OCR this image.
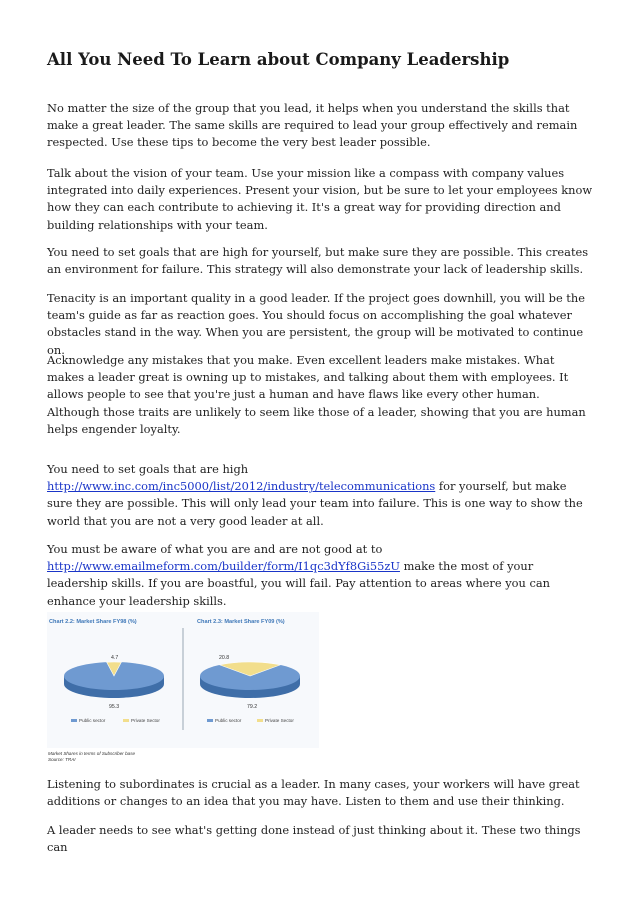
All You Need To Learn about Company Leadership

No matter the size of the group that you lead, it helps when you understand the skills that make a great leader. The same skills are required to lead your group effectively and remain respected. Use these tips to become the very best leader possible.

Talk about the vision of your team. Use your mission like a compass with company values integrated into daily experiences. Present your vision, but be sure to let your employees know how they can each contribute to achieving it. It's a great way for providing direction and building relationships with your team.

You need to set goals that are high for yourself, but make sure they are possible. This creates an environment for failure. This strategy will also demonstrate your lack of leadership skills.

Tenacity is an important quality in a good leader. If the project goes downhill, you will be the team's guide as far as reaction goes. You should focus on accomplishing the goal whatever obstacles stand in the way. When you are persistent, the group will be motivated to continue on.

Acknowledge any mistakes that you make. Even excellent leaders make mistakes. What makes a leader great is owning up to mistakes, and talking about them with employees. It allows people to see that you're just a human and have flaws like every other human. Although those traits are unlikely to seem like those of a leader, showing that you are human helps engender loyalty.

You need to set goals that are high http://www.inc.com/inc5000/list/2012/industry/telecommunications for yourself, but make sure they are possible. This will only lead your team into failure. This is one way to show the world that you are not a very good leader at all.

You must be aware of what you are and are not good at to http://www.emailmeform.com/builder/form/I1qc3dYf8Gi55zU make the most of your leadership skills. If you are boastful, you will fail. Pay attention to areas where you can enhance your leadership skills.

Chart 2.2: Market Share FY98 (%)	Chart 2.3: Market Share FY09 (%)
4.7
95.3
20.8
79.2
Public sector	Private Sector	Public sector	Private Sector
Market Shares in terms of Subscriber base
Source: TRAI

Listening to subordinates is crucial as a leader. In many cases, your workers will have great additions or changes to an idea that you may have. Listen to them and use their thinking.

A leader needs to see what's getting done instead of just thinking about it. These two things can
